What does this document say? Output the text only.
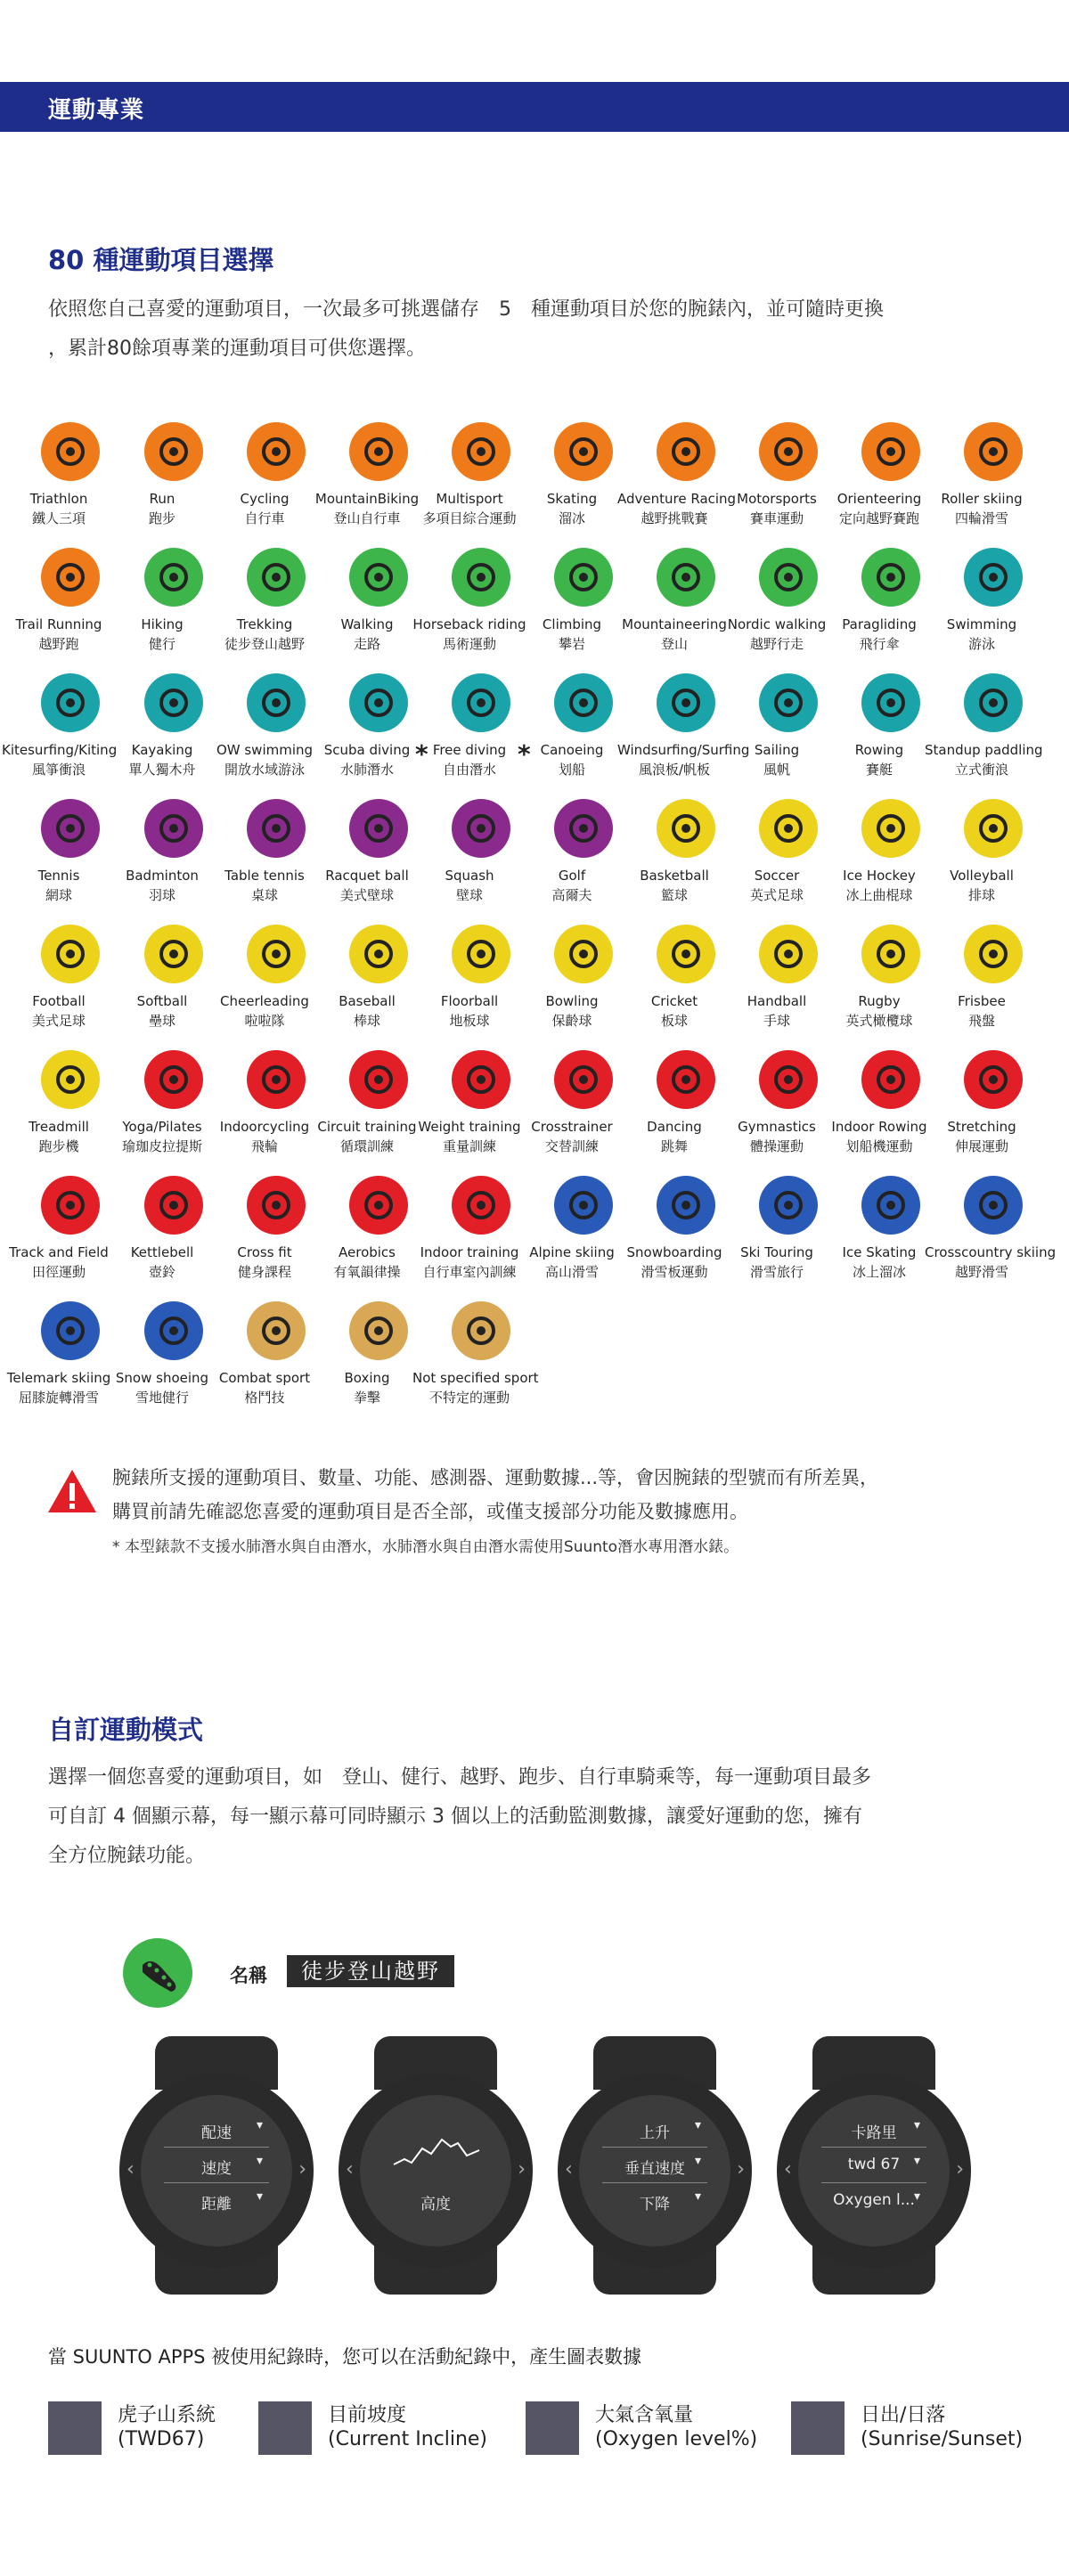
運動專業
80 種運動項目選擇
依照您自己喜愛的運動項目，一次最多可挑選儲存　5　種運動項目於您的腕錶內，並可隨時更換
，累計80餘項專業的運動項目可供您選擇。
Triathlon
鐵人三項
Run
跑步
Cycling
自行車
MountainBiking
登山自行車
Multisport
多項目綜合運動
Skating
溜冰
Adventure Racing
越野挑戰賽
Motorsports
賽車運動
Orienteering
定向越野賽跑
Roller skiing
四輪滑雪
Trail Running
越野跑
Hiking
健行
Trekking
徒步登山越野
Walking
走路
Horseback riding
馬術運動
Climbing
攀岩
Mountaineering
登山
Nordic walking
越野行走
Paragliding
飛行傘
Swimming
游泳
Kitesurfing/Kiting
風箏衝浪
Kayaking
單人獨木舟
OW swimming
開放水域游泳
Scuba diving
水肺潛水
Free diving
自由潛水
Canoeing
划船
Windsurfing/Surfing
風浪板/帆板
Sailing
風帆
Rowing
賽艇
Standup paddling
立式衝浪
Tennis
網球
Badminton
羽球
Table tennis
桌球
Racquet ball
美式壁球
Squash
壁球
Golf
高爾夫
Basketball
籃球
Soccer
英式足球
Ice Hockey
冰上曲棍球
Volleyball
排球
Football
美式足球
Softball
壘球
Cheerleading
啦啦隊
Baseball
棒球
Floorball
地板球
Bowling
保齡球
Cricket
板球
Handball
手球
Rugby
英式橄欖球
Frisbee
飛盤
Treadmill
跑步機
Yoga/Pilates
瑜珈皮拉提斯
Indoorcycling
飛輪
Circuit training
循環訓練
Weight training
重量訓練
Crosstrainer
交替訓練
Dancing
跳舞
Gymnastics
體操運動
Indoor Rowing
划船機運動
Stretching
伸展運動
Track and Field
田徑運動
Kettlebell
壺鈴
Cross fit
健身課程
Aerobics
有氧韻律操
Indoor training
自行車室內訓練
Alpine skiing
高山滑雪
Snowboarding
滑雪板運動
Ski Touring
滑雪旅行
Ice Skating
冰上溜冰
Crosscountry skiing
越野滑雪
Telemark skiing
屈膝旋轉滑雪
Snow shoeing
雪地健行
Combat sport
格鬥技
Boxing
拳擊
Not specified sport
不特定的運動
*	*
腕錶所支援的運動項目、數量、功能、感測器、運動數據...等，會因腕錶的型號而有所差異，
購買前請先確認您喜愛的運動項目是否全部，或僅支援部分功能及數據應用。
* 本型錶款不支援水肺潛水與自由潛水，水肺潛水與自由潛水需使用Suunto潛水專用潛水錶。
自訂運動模式
選擇一個您喜愛的運動項目，如　登山、健行、越野、跑步、自行車騎乘等，每一運動項目最多
可自訂 4 個顯示幕，每一顯示幕可同時顯示 3 個以上的活動監測數據，讓愛好運動的您，擁有
全方位腕錶功能。
名稱	徒步登山越野
‹	›
配速	▾
速度	▾
距離	▾
‹	›
高度
‹	›
上升	▾
垂直速度 ▾
下降	▾
‹	›
卡路里	▾
twd 67	▾
Oxygen l... ▾
當 SUUNTO APPS 被使用紀錄時，您可以在活動紀錄中，產生圖表數據
虎子山系統
(TWD67)
目前坡度
(Current Incline)
大氣含氧量
(Oxygen level%)
日出/日落
(Sunrise/Sunset)
